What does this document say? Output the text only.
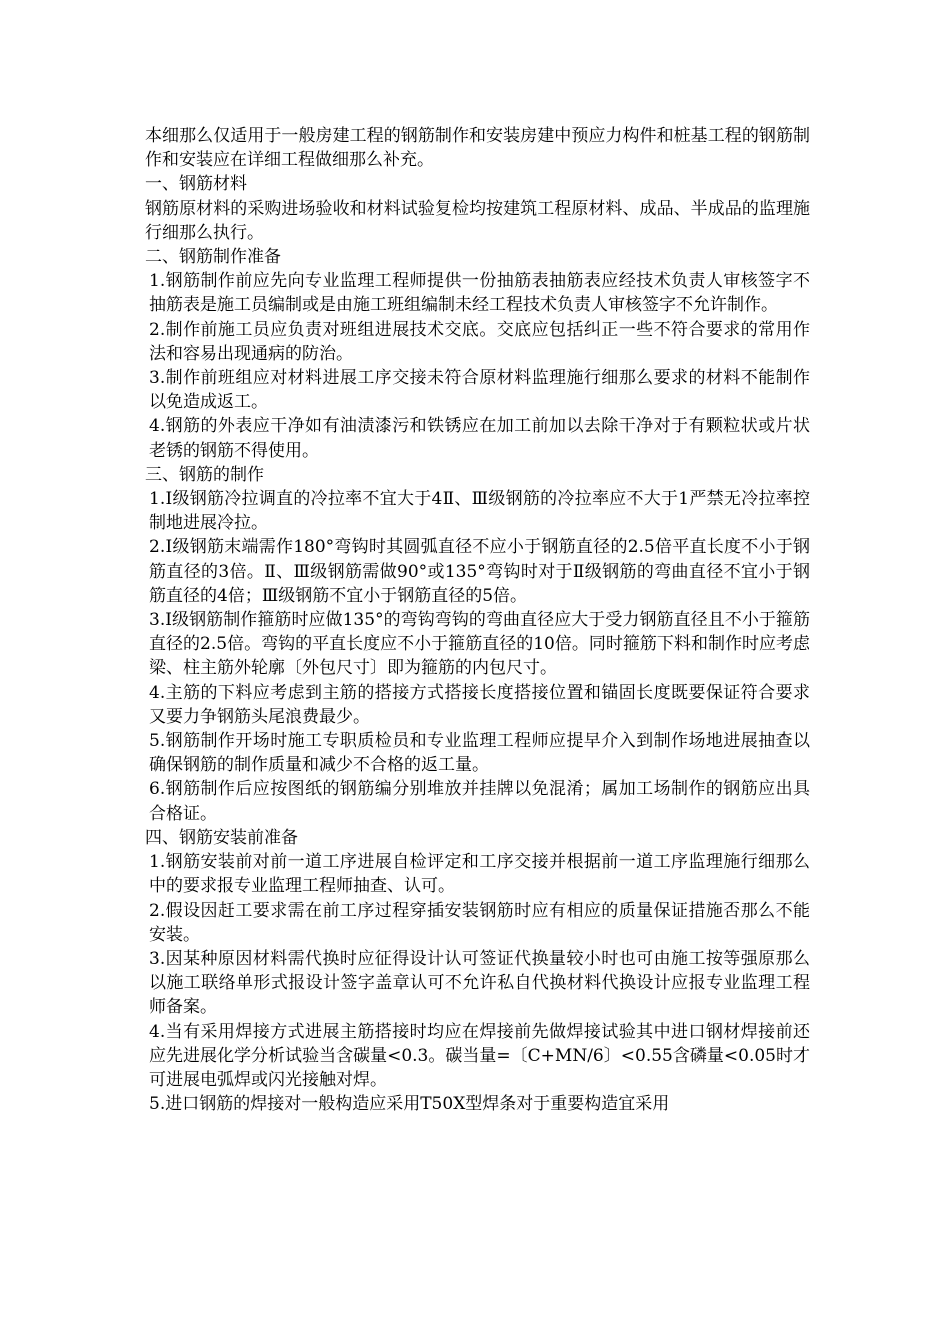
本细那么仅适用于一般房建工程的钢筋制作和安装房建中预应力构件和桩基工程的钢筋制作和安装应在详细工程做细那么补充。

一、钢筋材料

钢筋原材料的采购进场验收和材料试验复检均按建筑工程原材料、成品、半成品的监理施行细那么执行。

二、钢筋制作准备

1.钢筋制作前应先向专业监理工程师提供一份抽筋表抽筋表应经技术负责人审核签字不抽筋表是施工员编制或是由施工班组编制未经工程技术负责人审核签字不允许制作。

2.制作前施工员应负责对班组进展技术交底。交底应包括纠正一些不符合要求的常用作法和容易出现通病的防治。

3.制作前班组应对材料进展工序交接未符合原材料监理施行细那么要求的材料不能制作以免造成返工。

4.钢筋的外表应干净如有油渍漆污和铁锈应在加工前加以去除干净对于有颗粒状或片状老锈的钢筋不得使用。

三、钢筋的制作

1.Ⅰ级钢筋冷拉调直的冷拉率不宜大于4Ⅱ、Ⅲ级钢筋的冷拉率应不大于1严禁无冷拉率控制地进展冷拉。

2.Ⅰ级钢筋末端需作180°弯钩时其圆弧直径不应小于钢筋直径的2.5倍平直长度不小于钢筋直径的3倍。Ⅱ、Ⅲ级钢筋需做90°或135°弯钩时对于Ⅱ级钢筋的弯曲直径不宜小于钢筋直径的4倍；Ⅲ级钢筋不宜小于钢筋直径的5倍。

3.Ⅰ级钢筋制作箍筋时应做135°的弯钩弯钩的弯曲直径应大于受力钢筋直径且不小于箍筋直径的2.5倍。弯钩的平直长度应不小于箍筋直径的10倍。同时箍筋下料和制作时应考虑梁、柱主筋外轮廓〔外包尺寸〕即为箍筋的内包尺寸。

4.主筋的下料应考虑到主筋的搭接方式搭接长度搭接位置和锚固长度既要保证符合要求又要力争钢筋头尾浪费最少。

5.钢筋制作开场时施工专职质检员和专业监理工程师应提早介入到制作场地进展抽查以确保钢筋的制作质量和减少不合格的返工量。

6.钢筋制作后应按图纸的钢筋编分别堆放并挂牌以免混淆；属加工场制作的钢筋应出具合格证。

四、钢筋安装前准备

1.钢筋安装前对前一道工序进展自检评定和工序交接并根据前一道工序监理施行细那么中的要求报专业监理工程师抽查、认可。

2.假设因赶工要求需在前工序过程穿插安装钢筋时应有相应的质量保证措施否那么不能安装。

3.因某种原因材料需代换时应征得设计认可签证代换量较小时也可由施工按等强原那么以施工联络单形式报设计签字盖章认可不允许私自代换材料代换设计应报专业监理工程师备案。

4.当有采用焊接方式进展主筋搭接时均应在焊接前先做焊接试验其中进口钢材焊接前还应先进展化学分析试验当含碳量<0.3。碳当量=〔C+MN/6〕<0.55含磷量<0.05时才可进展电弧焊或闪光接触对焊。

5.进口钢筋的焊接对一般构造应采用T50X型焊条对于重要构造宜采用
